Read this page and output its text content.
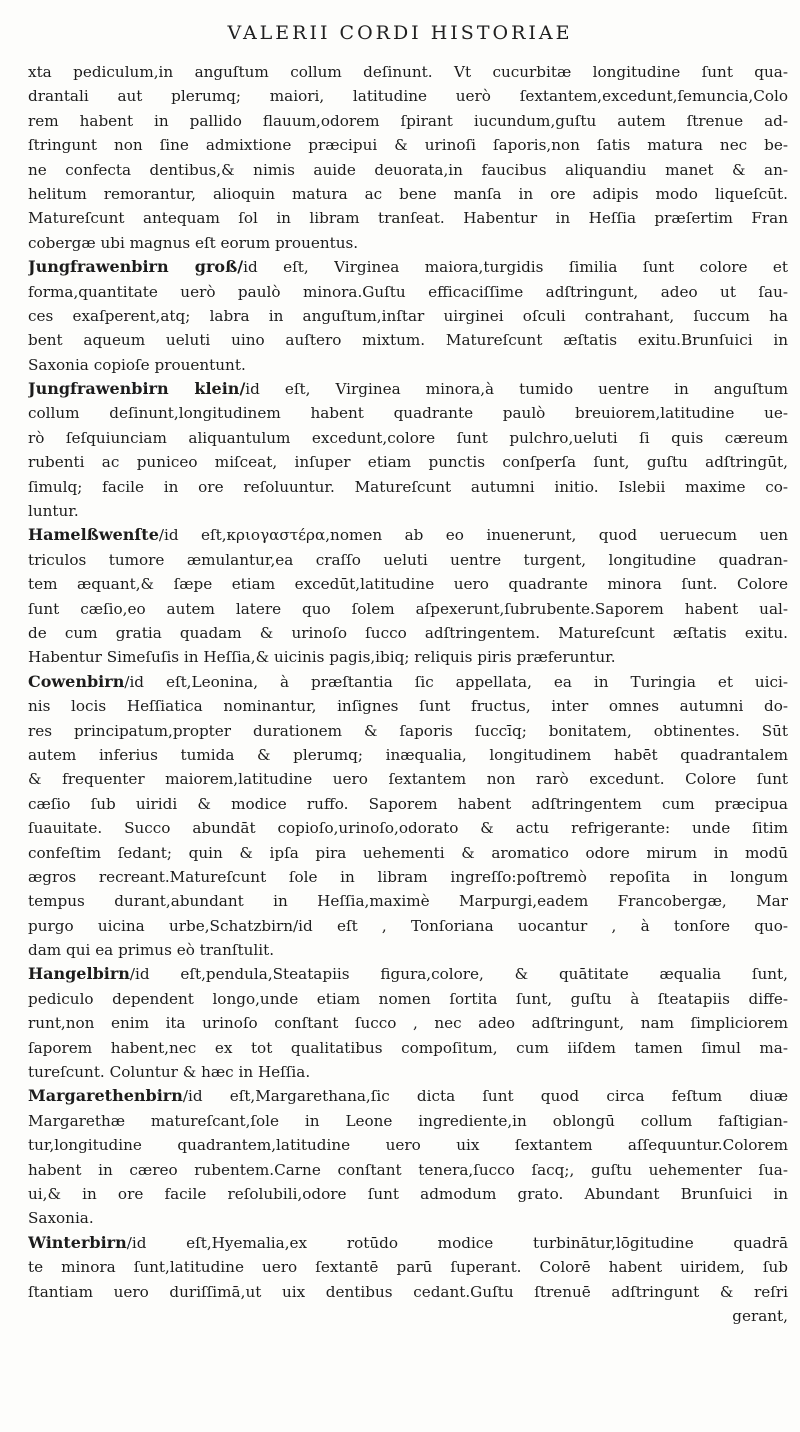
VALERII CORDI HISTORIAE
xta pediculum,in anguſtum collum deſinunt. Vt cucurbitæ longitudine ſunt qua-
drantali aut plerumq; maiori, latitudine uerò ſextantem,excedunt,ſemuncia,Colo
rem habent in pallido flauum,odorem ſpirant iucundum,guſtu autem ſtrenue ad-
ſtringunt non ſine admixtione præcipui & urinoſi ſaporis,non ſatis matura nec be-
ne confecta dentibus,& nimis auide deuorata,in faucibus aliquandiu manet & an-
helitum remorantur, alioquin matura ac bene manſa in ore adipis modo liqueſcūt.
Matureſcunt antequam ſol in libram tranſeat. Habentur in Heſſia præſertim Fran
cobergæ ubi magnus eſt eorum prouentus.
Jungfrawenbirn groß/id eſt, Virginea maiora,turgidis ſimilia ſunt colore et
forma,quantitate uerò paulò minora.Guſtu efficaciſſime adſtringunt, adeo ut ſau-
ces exaſperent,atq; labra in anguſtum,inſtar uirginei oſculi contrahant, ſuccum ha
bent aqueum ueluti uino auſtero mixtum. Matureſcunt æſtatis exitu.Brunſuici in
Saxonia copioſe prouentunt.
Jungfrawenbirn klein/id eſt, Virginea minora,à tumido uentre in anguſtum
collum deſinunt,longitudinem habent quadrante paulò breuiorem,latitudine ue-
rò ſeſquiunciam aliquantulum excedunt,colore ſunt pulchro,ueluti ſi quis cæreum
rubenti ac puniceo miſceat, inſuper etiam punctis conſperſa ſunt, guſtu adſtringūt,
ſimulq; facile in ore reſoluuntur. Matureſcunt autumni initio. Islebii maxime co-
luntur.
Hamelßwenſte/id eſt,κριογαστέρα,nomen ab eo inuenerunt, quod ueruecum uen
triculos tumore æmulantur,ea craſſo ueluti uentre turgent, longitudine quadran-
tem æquant,& ſæpe etiam excedūt,latitudine uero quadrante minora ſunt. Colore
ſunt cæſio,eo autem latere quo ſolem aſpexerunt,ſubrubente.Saporem habent ual-
de cum gratia quadam & urinoſo ſucco adſtringentem. Matureſcunt æſtatis exitu.
Habentur Simeſuſis in Heſſia,& uicinis pagis,ibiq; reliquis piris præferuntur.
Cowenbirn/id eſt,Leonina, à præſtantia ſic appellata, ea in Turingia et uici-
nis locis Heſſiatica nominantur, inſignes ſunt fructus, inter omnes autumni do-
res principatum,propter durationem & ſaporis ſuccīq; bonitatem, obtinentes. Sūt
autem inferius tumida & plerumq; inæqualia, longitudinem habēt quadrantalem
& frequenter maiorem,latitudine uero ſextantem non rarò excedunt. Colore ſunt
cæſio ſub uiridi & modice ruffo. Saporem habent adſtringentem cum præcipua
ſuauitate. Succo abundāt copioſo,urinoſo,odorato & actu refrigerante: unde ſitim
confeſtim ſedant; quin & ipſa pira uehementi & aromatico odore mirum in modū
ægros recreant.Matureſcunt ſole in libram ingreſſo:poſtremò repoſita in longum
tempus durant,abundant in Heſſia,maximè Marpurgi,eadem Francobergæ, Mar
purgo uicina urbe,Schatzbirn/id eſt , Tonſoriana uocantur , à tonſore quo-
dam qui ea primus eò tranſtulit.
Hangelbirn/id eſt,pendula,Steatapiis figura,colore, & quātitate æqualia ſunt,
pediculo dependent longo,unde etiam nomen ſortita ſunt, guſtu à ſteatapiis diffe-
runt,non enim ita urinoſo conſtant ſucco , nec adeo adſtringunt, nam ſimpliciorem
ſaporem habent,nec ex tot qualitatibus compoſitum, cum iiſdem tamen ſimul ma-
tureſcunt. Coluntur & hæc in Heſſia.
Margarethenbirn/id eſt,Margarethana,ſic dicta ſunt quod circa feſtum diuæ
Margarethæ matureſcant,ſole in Leone ingrediente,in oblongū collum faſtigian-
tur,longitudine quadrantem,latitudine uero uix ſextantem aſſequuntur.Colorem
habent in cæreo rubentem.Carne conſtant tenera,ſucco ſacq;, guſtu uehementer ſua-
ui,& in ore facile reſolubili,odore ſunt admodum grato. Abundant Brunſuici in
Saxonia.
Winterbirn/id eſt,Hyemalia,ex rotūdo modice turbinātur,lōgitudine quadrā
te minora ſunt,latitudine uero ſextantē parū ſuperant. Colorē habent uiridem, ſub
ſtantiam uero duriſſimā,ut uix dentibus cedant.Guſtu ſtrenuē adſtringunt & reſri
gerant,
